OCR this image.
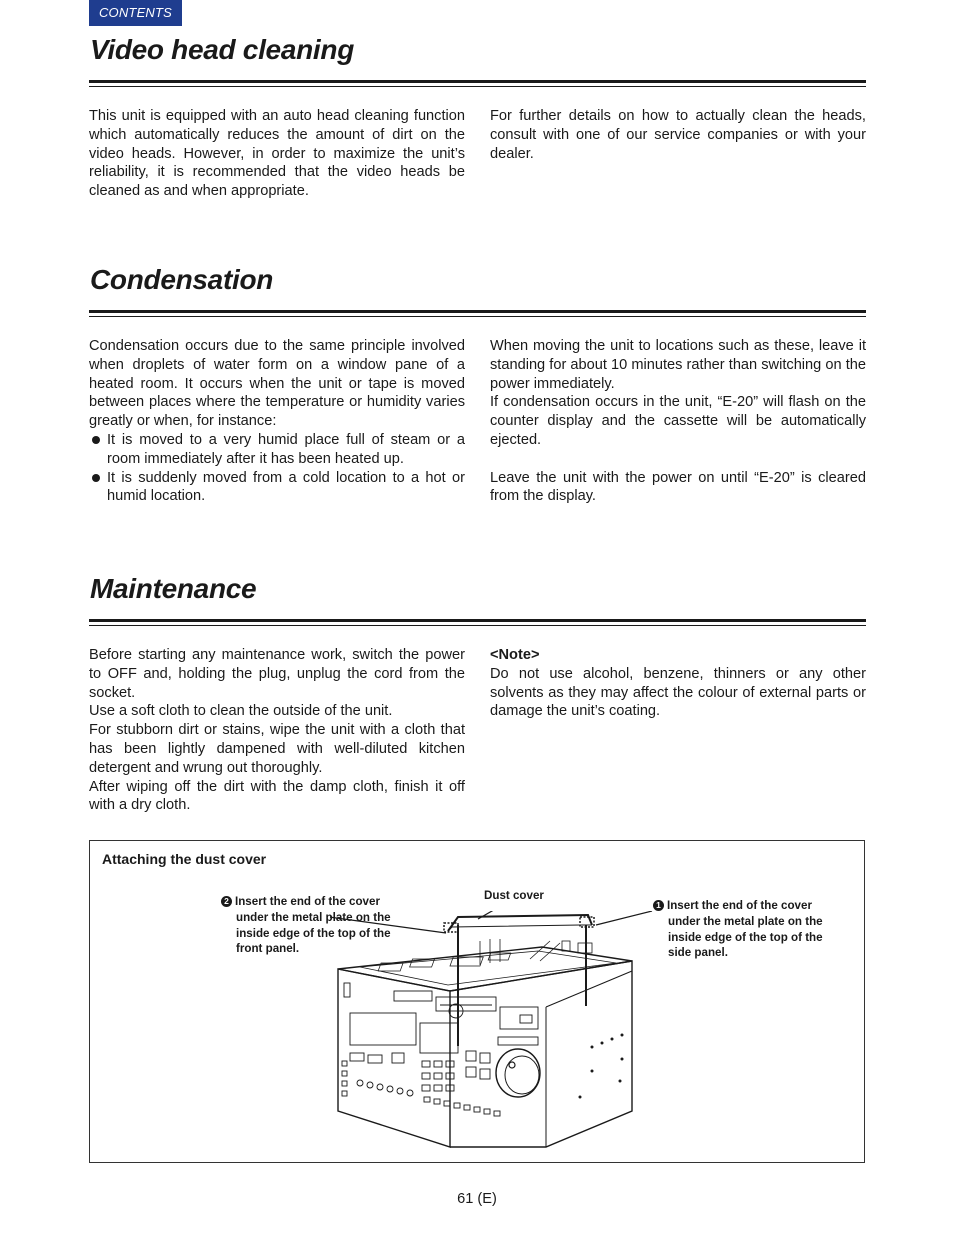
CONTENTS
Video head cleaning

This unit is equipped with an auto head cleaning function which automatically reduces the amount of dirt on the video heads. However, in order to maximize the unit’s reliability, it is recommended that the video heads be cleaned as and when appropriate.

For further details on how to actually clean the heads, consult with one of our service companies or with your dealer.

Condensation

Condensation occurs due to the same principle involved when droplets of water form on a window pane of a heated room. It occurs when the unit or tape is moved between places where the temperature or humidity varies greatly or when, for instance:

It is moved to a very humid place full of steam or a room immediately after it has been heated up.
It is suddenly moved from a cold location to a hot or humid location.

When moving the unit to locations such as these, leave it standing for about 10 minutes rather than switching on the power immediately.

If condensation occurs in the unit, “E-20” will flash on the counter display and the cassette will be automatically ejected.

Leave the unit with the power on until “E-20” is cleared from the display.

Maintenance

Before starting any maintenance work, switch the power to OFF and, holding the plug, unplug the cord from the socket.

Use a soft cloth to clean the outside of the unit.

For stubborn dirt or stains, wipe the unit with a cloth that has been lightly dampened with well-diluted kitchen detergent and wrung out thoroughly.

After wiping off the dirt with the damp cloth, finish it off with a dry cloth.

<Note>

Do not use alcohol, benzene, thinners or any other solvents as they may affect the colour of external parts or damage the unit’s coating.

Attaching the dust cover
2 Insert the end of the cover
under the metal plate on the inside edge of the top of the front panel.
Dust cover
1 Insert the end of the cover
under the metal plate on the inside edge of the top of the side panel.
61 (E)
